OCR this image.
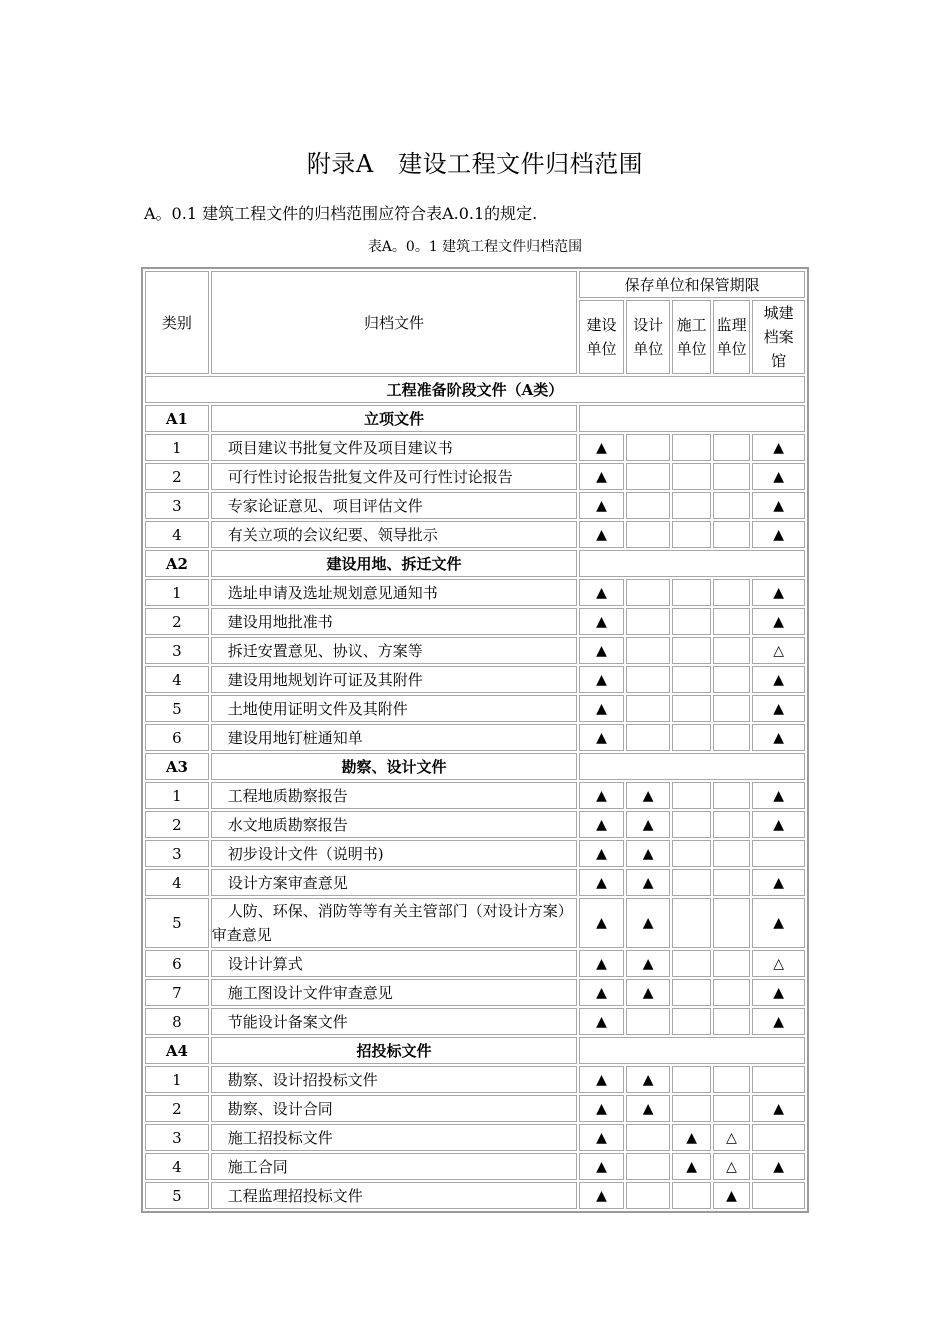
附录A　建设工程文件归档范围
A。0.1 建筑工程文件的归档范围应符合表A.0.1的规定.
表A。0。1 建筑工程文件归档范围
类别	归档文件	保存单位和保管期限				
		建设单位	设计单位	施工单位	监理单位	城建档案馆
工程准备阶段文件（A类）						
A1	立项文件					
1	项目建议书批复文件及项目建议书	▲				▲
2	可行性讨论报告批复文件及可行性讨论报告	▲				▲
3	专家论证意见、项目评估文件	▲				▲
4	有关立项的会议纪要、领导批示	▲				▲
A2	建设用地、拆迁文件					
1	选址申请及选址规划意见通知书	▲				▲
2	建设用地批准书	▲				▲
3	拆迁安置意见、协议、方案等	▲				△
4	建设用地规划许可证及其附件	▲				▲
5	土地使用证明文件及其附件	▲				▲
6	建设用地钉桩通知单	▲				▲
A3	勘察、设计文件					
1	工程地质勘察报告	▲	▲			▲
2	水文地质勘察报告	▲	▲			▲
3	初步设计文件（说明书)	▲	▲			
4	设计方案审查意见	▲	▲			▲
5	人防、环保、消防等等有关主管部门（对设计方案）审查意见	▲	▲			▲
6	设计计算式	▲	▲			△
7	施工图设计文件审查意见	▲	▲			▲
8	节能设计备案文件	▲				▲
A4	招投标文件					
1	勘察、设计招投标文件	▲	▲			
2	勘察、设计合同	▲	▲			▲
3	施工招投标文件	▲		▲	△	
4	施工合同	▲		▲	△	▲
5	工程监理招投标文件	▲			▲	
